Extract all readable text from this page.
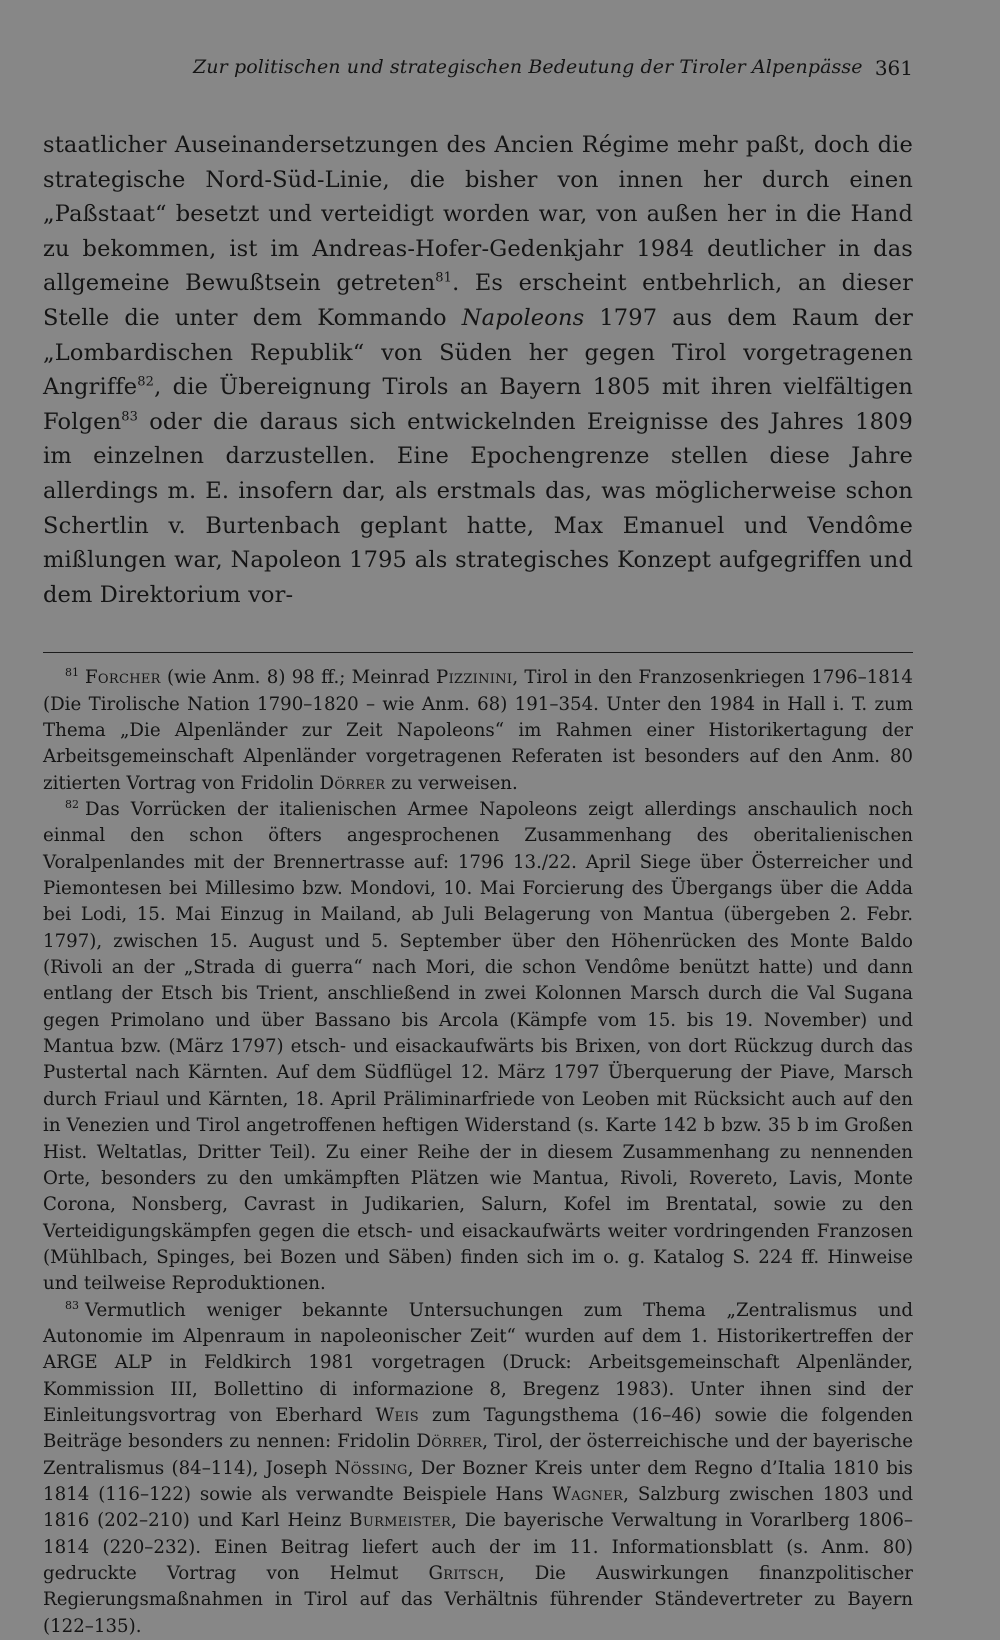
Zur politischen und strategischen Bedeutung der Tiroler Alpenpässe 361
staatlicher Auseinandersetzungen des Ancien Régime mehr paßt, doch die strategische Nord-Süd-Linie, die bisher von innen her durch einen „Paßstaat“ besetzt und verteidigt worden war, von außen her in die Hand zu bekommen, ist im Andreas-Hofer-Gedenkjahr 1984 deutlicher in das allgemeine Bewußtsein getreten$^{81}$. Es erscheint entbehrlich, an dieser Stelle die unter dem Kommando Napoleons 1797 aus dem Raum der „Lombardischen Republik“ von Süden her gegen Tirol vorgetragenen Angriffe$^{82}$, die Übereignung Tirols an Bayern 1805 mit ihren vielfältigen Folgen$^{83}$ oder die daraus sich entwickelnden Ereignisse des Jahres 1809 im einzelnen darzustellen. Eine Epochengrenze stellen diese Jahre allerdings m. E. insofern dar, als erstmals das, was möglicherweise schon Schertlin v. Burtenbach geplant hatte, Max Emanuel und Vendôme mißlungen war, Napoleon 1795 als strategisches Konzept aufgegriffen und dem Direktorium vor-

$^{81}$ Forcher (wie Anm. 8) 98 ff.; Meinrad Pizzinini, Tirol in den Franzosenkriegen 1796–1814 (Die Tirolische Nation 1790–1820 – wie Anm. 68) 191–354. Unter den 1984 in Hall i. T. zum Thema „Die Alpenländer zur Zeit Napoleons“ im Rahmen einer Historikertagung der Arbeitsgemeinschaft Alpenländer vorgetragenen Referaten ist besonders auf den Anm. 80 zitierten Vortrag von Fridolin Dörrer zu verweisen.

$^{82}$ Das Vorrücken der italienischen Armee Napoleons zeigt allerdings anschaulich noch einmal den schon öfters angesprochenen Zusammenhang des oberitalienischen Voralpenlandes mit der Brennertrasse auf: 1796 13./22. April Siege über Österreicher und Piemontesen bei Millesimo bzw. Mondovi, 10. Mai Forcierung des Übergangs über die Adda bei Lodi, 15. Mai Einzug in Mailand, ab Juli Belagerung von Mantua (übergeben 2. Febr. 1797), zwischen 15. August und 5. September über den Höhenrücken des Monte Baldo (Rivoli an der „Strada di guerra“ nach Mori, die schon Vendôme benützt hatte) und dann entlang der Etsch bis Trient, anschließend in zwei Kolonnen Marsch durch die Val Sugana gegen Primolano und über Bassano bis Arcola (Kämpfe vom 15. bis 19. November) und Mantua bzw. (März 1797) etsch- und eisackaufwärts bis Brixen, von dort Rückzug durch das Pustertal nach Kärnten. Auf dem Südflügel 12. März 1797 Überquerung der Piave, Marsch durch Friaul und Kärnten, 18. April Präliminarfriede von Leoben mit Rücksicht auch auf den in Venezien und Tirol angetroffenen heftigen Widerstand (s. Karte 142 b bzw. 35 b im Großen Hist. Weltatlas, Dritter Teil). Zu einer Reihe der in diesem Zusammenhang zu nennenden Orte, besonders zu den umkämpften Plätzen wie Mantua, Rivoli, Rovereto, Lavis, Monte Corona, Nonsberg, Cavrast in Judikarien, Salurn, Kofel im Brentatal, sowie zu den Verteidigungskämpfen gegen die etsch- und eisackaufwärts weiter vordringenden Franzosen (Mühlbach, Spinges, bei Bozen und Säben) finden sich im o. g. Katalog S. 224 ff. Hinweise und teilweise Reproduktionen.

$^{83}$ Vermutlich weniger bekannte Untersuchungen zum Thema „Zentralismus und Autonomie im Alpenraum in napoleonischer Zeit“ wurden auf dem 1. Historikertreffen der ARGE ALP in Feldkirch 1981 vorgetragen (Druck: Arbeitsgemeinschaft Alpenländer, Kommission III, Bollettino di informazione 8, Bregenz 1983). Unter ihnen sind der Einleitungsvortrag von Eberhard Weis zum Tagungsthema (16–46) sowie die folgenden Beiträge besonders zu nennen: Fridolin Dörrer, Tirol, der österreichische und der bayerische Zentralismus (84–114), Joseph Nössing, Der Bozner Kreis unter dem Regno d’Italia 1810 bis 1814 (116–122) sowie als verwandte Beispiele Hans Wagner, Salzburg zwischen 1803 und 1816 (202–210) und Karl Heinz Burmeister, Die bayerische Verwaltung in Vorarlberg 1806–1814 (220–232). Einen Beitrag liefert auch der im 11. Informationsblatt (s. Anm. 80) gedruckte Vortrag von Helmut Gritsch, Die Auswirkungen finanzpolitischer Regierungsmaßnahmen in Tirol auf das Verhältnis führender Ständevertreter zu Bayern (122–135).
